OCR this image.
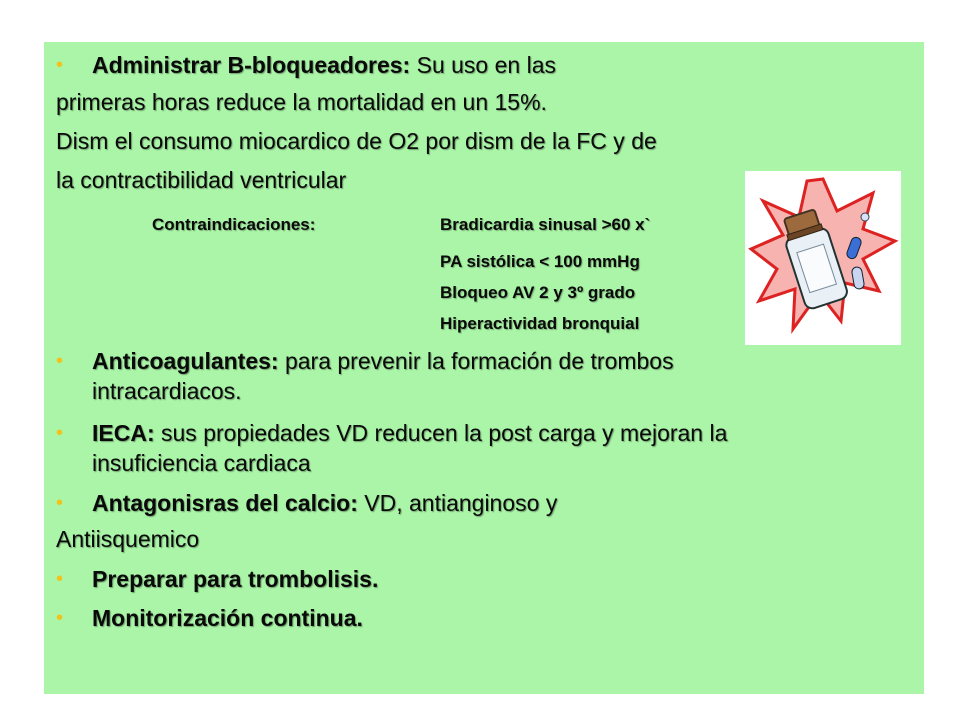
• Administrar B-bloqueadores: Su uso en las
primeras horas reduce la mortalidad en un 15%.
Dism el consumo miocardico de O2 por dism de la FC y de
la contractibilidad ventricular
Contraindicaciones:	Bradicardia sinusal >60 x`
PA sistólica < 100 mmHg
Bloqueo AV 2 y 3º grado
Hiperactividad bronquial
• Anticoagulantes: para prevenir la formación de trombos intracardiacos.
• IECA: sus propiedades VD reducen la post carga y mejoran la insuficiencia cardiaca
• Antagonisras del calcio: VD, antianginoso y
Antiisquemico
• Preparar para trombolisis.
• Monitorización continua.
